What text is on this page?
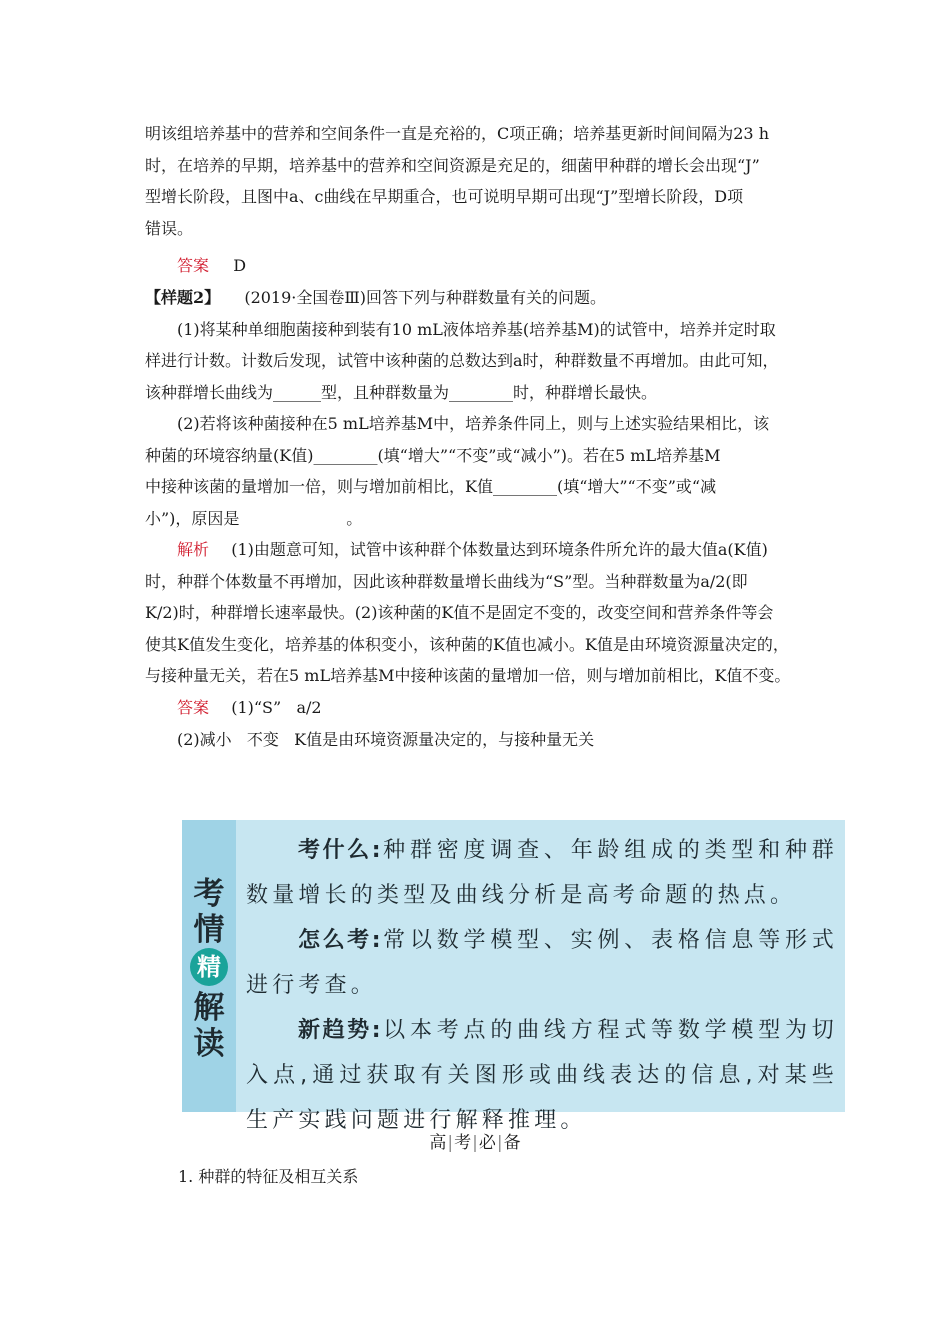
明该组培养基中的营养和空间条件一直是充裕的，C项正确；培养基更新时间间隔为23 h

时，在培养的早期，培养基中的营养和空间资源是充足的，细菌甲种群的增长会出现“J”

型增长阶段，且图中a、c曲线在早期重合，也可说明早期可出现“J”型增长阶段，D项

错误。

答案 D

【样题2】 (2019·全国卷Ⅲ)回答下列与种群数量有关的问题。

(1)将某种单细胞菌接种到装有10 mL液体培养基(培养基M)的试管中，培养并定时取

样进行计数。计数后发现，试管中该种菌的总数达到a时，种群数量不再增加。由此可知，

该种群增长曲线为______型，且种群数量为________时，种群增长最快。

(2)若将该种菌接种在5 mL培养基M中，培养条件同上，则与上述实验结果相比，该

种菌的环境容纳量(K值)________(填“增大”“不变”或“减小”)。若在5 mL培养基M

中接种该菌的量增加一倍，则与增加前相比，K值________(填“增大”“不变”或“减

小”)，原因是                     。

解析 (1)由题意可知，试管中该种群个体数量达到环境条件所允许的最大值a(K值)

时，种群个体数量不再增加，因此该种群数量增长曲线为“S”型。当种群数量为a/2(即

K/2)时，种群增长速率最快。(2)该种菌的K值不是固定不变的，改变空间和营养条件等会

使其K值发生变化，培养基的体积变小，该种菌的K值也减小。K值是由环境资源量决定的，

与接种量无关，若在5 mL培养基M中接种该菌的量增加一倍，则与增加前相比，K值不变。

答案 (1)“S”   a/2

(2)减小   不变   K值是由环境资源量决定的，与接种量无关

考
情
精
解
读

考什么:种群密度调查、年龄组成的类型和种群数量增长的类型及曲线分析是高考命题的热点。

怎么考:常以数学模型、实例、表格信息等形式进行考查。

新趋势:以本考点的曲线方程式等数学模型为切入点,通过获取有关图形或曲线表达的信息,对某些生产实践问题进行解释推理。

高|考|必|备
1. 种群的特征及相互关系
